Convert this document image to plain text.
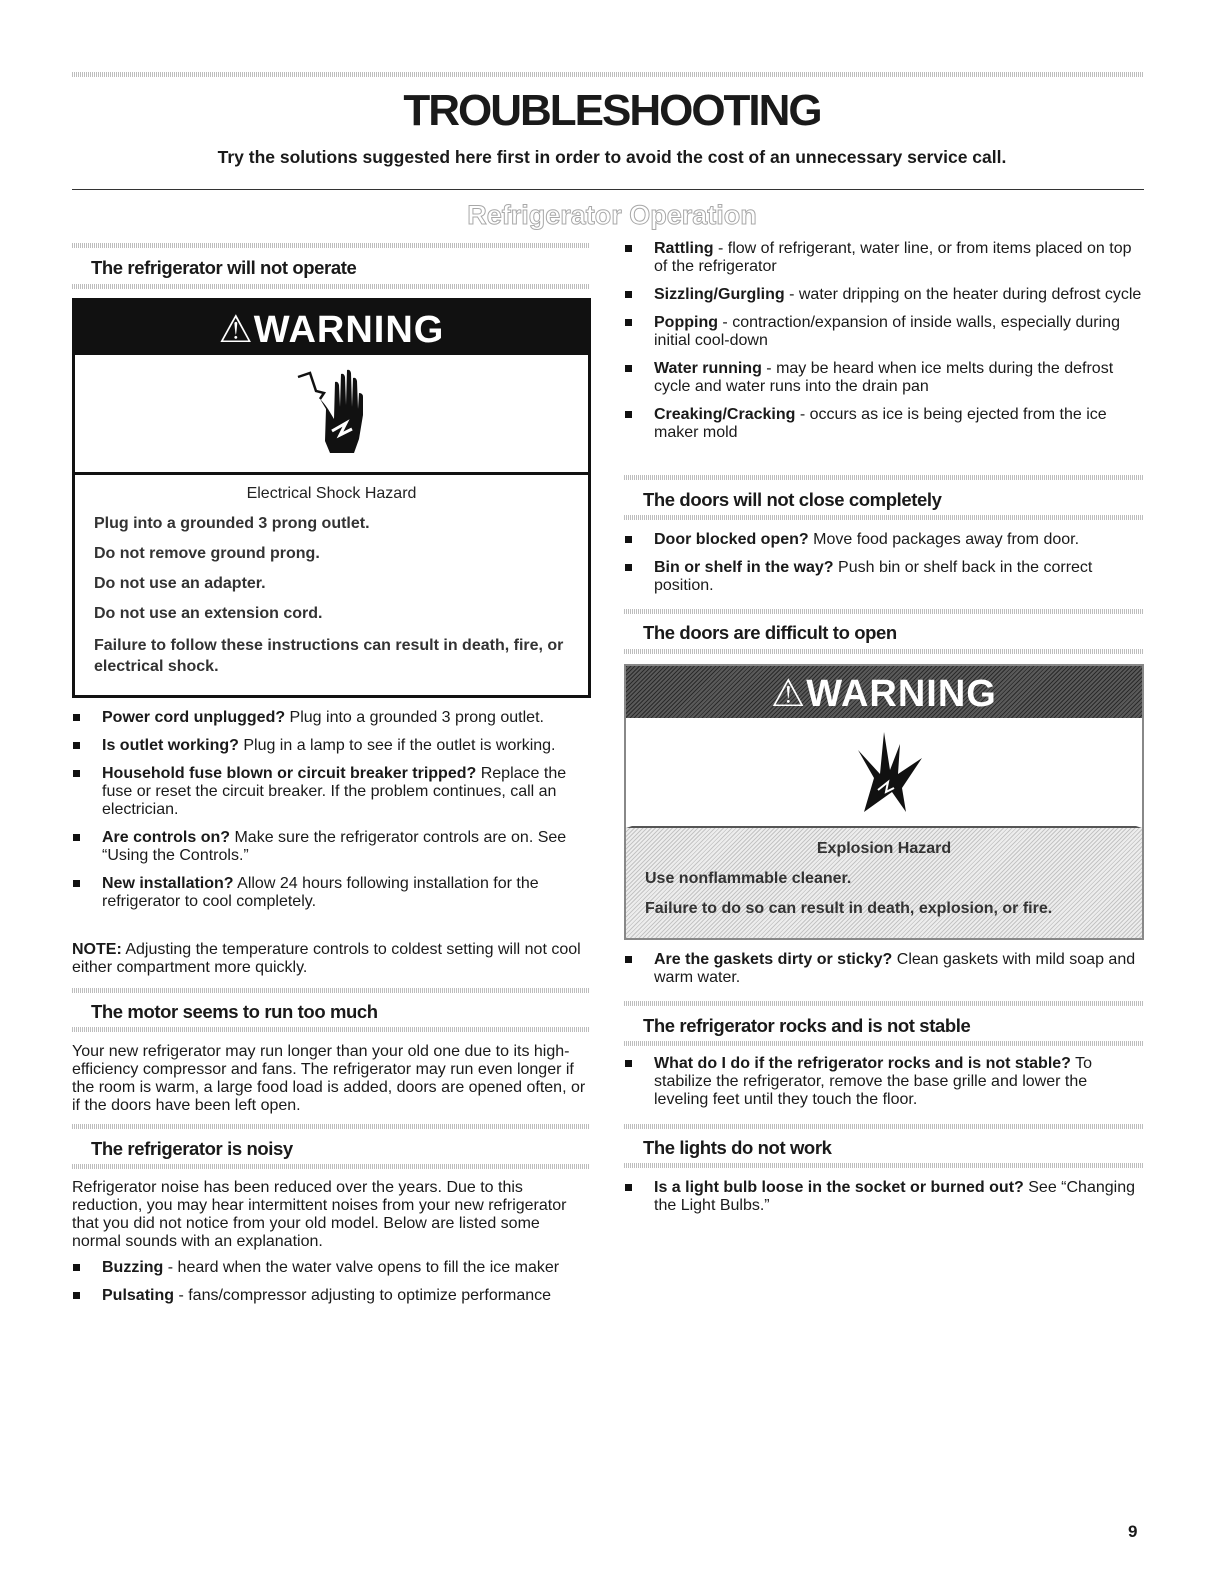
TROUBLESHOOTING

Try the solutions suggested here first in order to avoid the cost of an unnecessary service call.

Refrigerator Operation
The refrigerator will not operate
⚠WARNING

Electrical Shock Hazard

Plug into a grounded 3 prong outlet.

Do not remove ground prong.

Do not use an adapter.

Do not use an extension cord.

Failure to follow these instructions can result in death, fire, or electrical shock.

Power cord unplugged? Plug into a grounded 3 prong outlet.
Is outlet working? Plug in a lamp to see if the outlet is working.
Household fuse blown or circuit breaker tripped? Replace the fuse or reset the circuit breaker. If the problem continues, call an electrician.
Are controls on? Make sure the refrigerator controls are on. See “Using the Controls.”
New installation? Allow 24 hours following installation for the refrigerator to cool completely.

NOTE: Adjusting the temperature controls to coldest setting will not cool either compartment more quickly.

The motor seems to run too much

Your new refrigerator may run longer than your old one due to its high-efficiency compressor and fans. The refrigerator may run even longer if the room is warm, a large food load is added, doors are opened often, or if the doors have been left open.

The refrigerator is noisy

Refrigerator noise has been reduced over the years. Due to this reduction, you may hear intermittent noises from your new refrigerator that you did not notice from your old model. Below are listed some normal sounds with an explanation.

Buzzing - heard when the water valve opens to fill the ice maker
Pulsating - fans/compressor adjusting to optimize performance
Rattling - flow of refrigerant, water line, or from items placed on top of the refrigerator
Sizzling/Gurgling - water dripping on the heater during defrost cycle
Popping - contraction/expansion of inside walls, especially during initial cool-down
Water running - may be heard when ice melts during the defrost cycle and water runs into the drain pan
Creaking/Cracking - occurs as ice is being ejected from the ice maker mold
The doors will not close completely
Door blocked open? Move food packages away from door.
Bin or shelf in the way? Push bin or shelf back in the correct position.
The doors are difficult to open
⚠WARNING

Explosion Hazard

Use nonflammable cleaner.

Failure to do so can result in death, explosion, or fire.

Are the gaskets dirty or sticky? Clean gaskets with mild soap and warm water.
The refrigerator rocks and is not stable
What do I do if the refrigerator rocks and is not stable? To stabilize the refrigerator, remove the base grille and lower the leveling feet until they touch the floor.
The lights do not work
Is a light bulb loose in the socket or burned out? See “Changing the Light Bulbs.”

9
